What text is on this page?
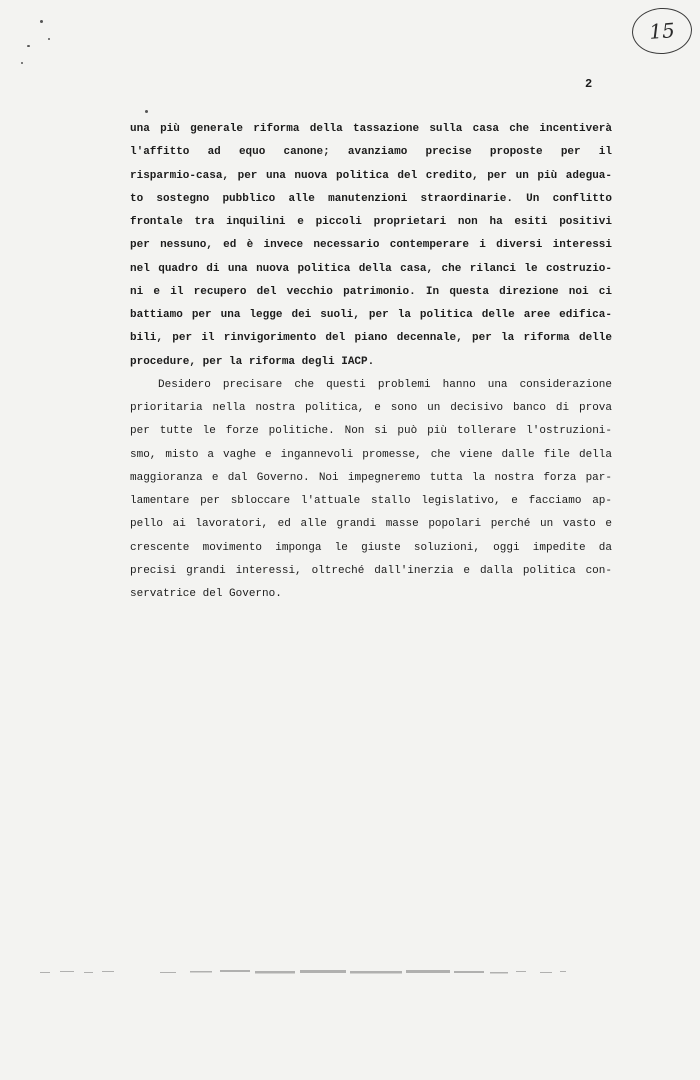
15
2
una più generale riforma della tassazione sulla casa che incentiverà
l'affitto ad equo canone; avanziamo precise proposte per il
risparmio-casa, per una nuova politica del credito, per un più adegua-
to sostegno pubblico alle manutenzioni straordinarie. Un conflitto
frontale tra inquilini e piccoli proprietari non ha esiti positivi
per nessuno, ed è invece necessario contemperare i diversi interessi
nel quadro di una nuova politica della casa, che rilanci le costruzio-
ni e il recupero del vecchio patrimonio. In questa direzione noi ci
battiamo per una legge dei suoli, per la politica delle aree edifica-
bili, per il rinvigorimento del piano decennale, per la riforma delle
procedure, per la riforma degli IACP.
Desidero precisare che questi problemi hanno una considerazione
prioritaria nella nostra politica, e sono un decisivo banco di prova
per tutte le forze politiche. Non si può più tollerare l'ostruzioni-
smo, misto a vaghe e ingannevoli promesse, che viene dalle file della
maggioranza e dal Governo. Noi impegneremo tutta la nostra forza par-
lamentare per sbloccare l'attuale stallo legislativo, e facciamo ap-
pello ai lavoratori, ed alle grandi masse popolari perché un vasto e
crescente movimento imponga le giuste soluzioni, oggi impedite da
precisi grandi interessi, oltreché dall'inerzia e dalla politica con-
servatrice del Governo.
